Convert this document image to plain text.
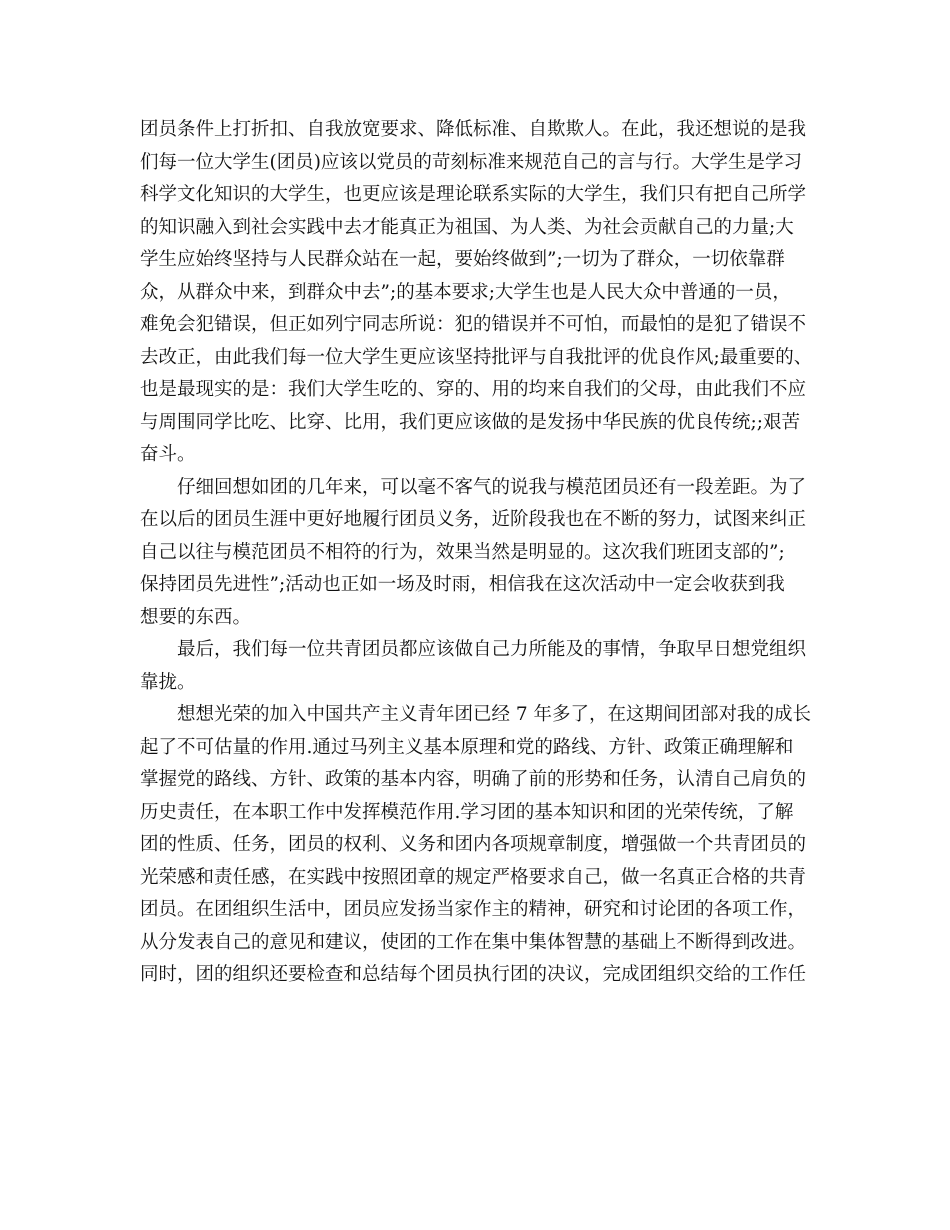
团员条件上打折扣、自我放宽要求、降低标准、自欺欺人。在此，我还想说的是我
们每一位大学生(团员)应该以党员的苛刻标准来规范自己的言与行。大学生是学习
科学文化知识的大学生，也更应该是理论联系实际的大学生，我们只有把自己所学
的知识融入到社会实践中去才能真正为祖国、为人类、为社会贡献自己的力量;大
学生应始终坚持与人民群众站在一起，要始终做到”;一切为了群众，一切依靠群
众，从群众中来，到群众中去”;的基本要求;大学生也是人民大众中普通的一员，
难免会犯错误，但正如列宁同志所说：犯的错误并不可怕，而最怕的是犯了错误不
去改正，由此我们每一位大学生更应该坚持批评与自我批评的优良作风;最重要的、
也是最现实的是：我们大学生吃的、穿的、用的均来自我们的父母，由此我们不应
与周围同学比吃、比穿、比用，我们更应该做的是发扬中华民族的优良传统;;艰苦
奋斗。
仔细回想如团的几年来，可以毫不客气的说我与模范团员还有一段差距。为了
在以后的团员生涯中更好地履行团员义务，近阶段我也在不断的努力，试图来纠正
自己以往与模范团员不相符的行为，效果当然是明显的。这次我们班团支部的”;
保持团员先进性”;活动也正如一场及时雨，相信我在这次活动中一定会收获到我
想要的东西。
最后，我们每一位共青团员都应该做自己力所能及的事情，争取早日想党组织
靠拢。
想想光荣的加入中国共产主义青年团已经 7 年多了，在这期间团部对我的成长
起了不可估量的作用.通过马列主义基本原理和党的路线、方针、政策正确理解和
掌握党的路线、方针、政策的基本内容，明确了前的形势和任务，认清自己肩负的
历史责任，在本职工作中发挥模范作用.学习团的基本知识和团的光荣传统，了解
团的性质、任务，团员的权利、义务和团内各项规章制度，增强做一个共青团员的
光荣感和责任感，在实践中按照团章的规定严格要求自己，做一名真正合格的共青
团员。在团组织生活中，团员应发扬当家作主的精神，研究和讨论团的各项工作，
从分发表自己的意见和建议，使团的工作在集中集体智慧的基础上不断得到改进。
同时，团的组织还要检查和总结每个团员执行团的决议，完成团组织交给的工作任
